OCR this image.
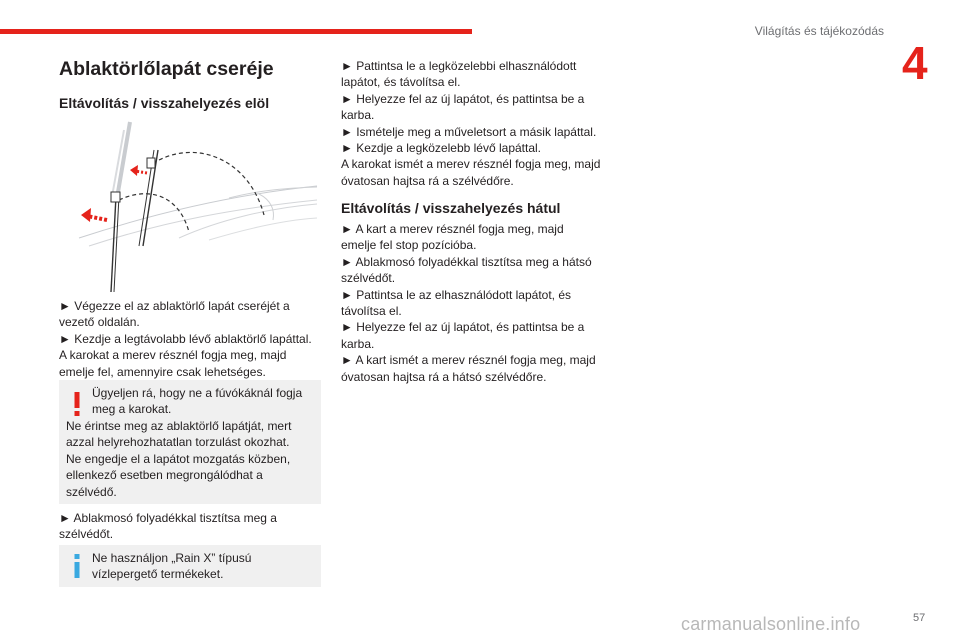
Világítás és tájékozódás
4
Ablaktörlőlapát cseréje
Eltávolítás / visszahelyezés elöl
► Végezze el az ablaktörlő lapát cseréjét a
vezető oldalán.
► Kezdje a legtávolabb lévő ablaktörlő lapáttal.
A karokat a merev résznél fogja meg, majd
emelje fel, amennyire csak lehetséges.
Ügyeljen rá, hogy ne a fúvókáknál fogja
meg a karokat.
Ne érintse meg az ablaktörlő lapátját, mert
azzal helyrehozhatatlan torzulást okozhat.
Ne engedje el a lapátot mozgatás közben,
ellenkező esetben megrongálódhat a
szélvédő.
► Ablakmosó folyadékkal tisztítsa meg a
szélvédőt.
Ne használjon „Rain X” típusú
vízlepergető termékeket.
► Pattintsa le a legközelebbi elhasználódott
lapátot, és távolítsa el.
► Helyezze fel az új lapátot, és pattintsa be a
karba.
► Ismételje meg a műveletsort a másik lapáttal.
► Kezdje a legközelebb lévő lapáttal.
A karokat ismét a merev résznél fogja meg, majd
óvatosan hajtsa rá a szélvédőre.
Eltávolítás / visszahelyezés hátul
► A kart a merev résznél fogja meg, majd
emelje fel stop pozícióba.
► Ablakmosó folyadékkal tisztítsa meg a hátsó
szélvédőt.
► Pattintsa le az elhasználódott lapátot, és
távolítsa el.
► Helyezze fel az új lapátot, és pattintsa be a
karba.
► A kart ismét a merev résznél fogja meg, majd
óvatosan hajtsa rá a hátsó szélvédőre.
carmanualsonline.info	57
